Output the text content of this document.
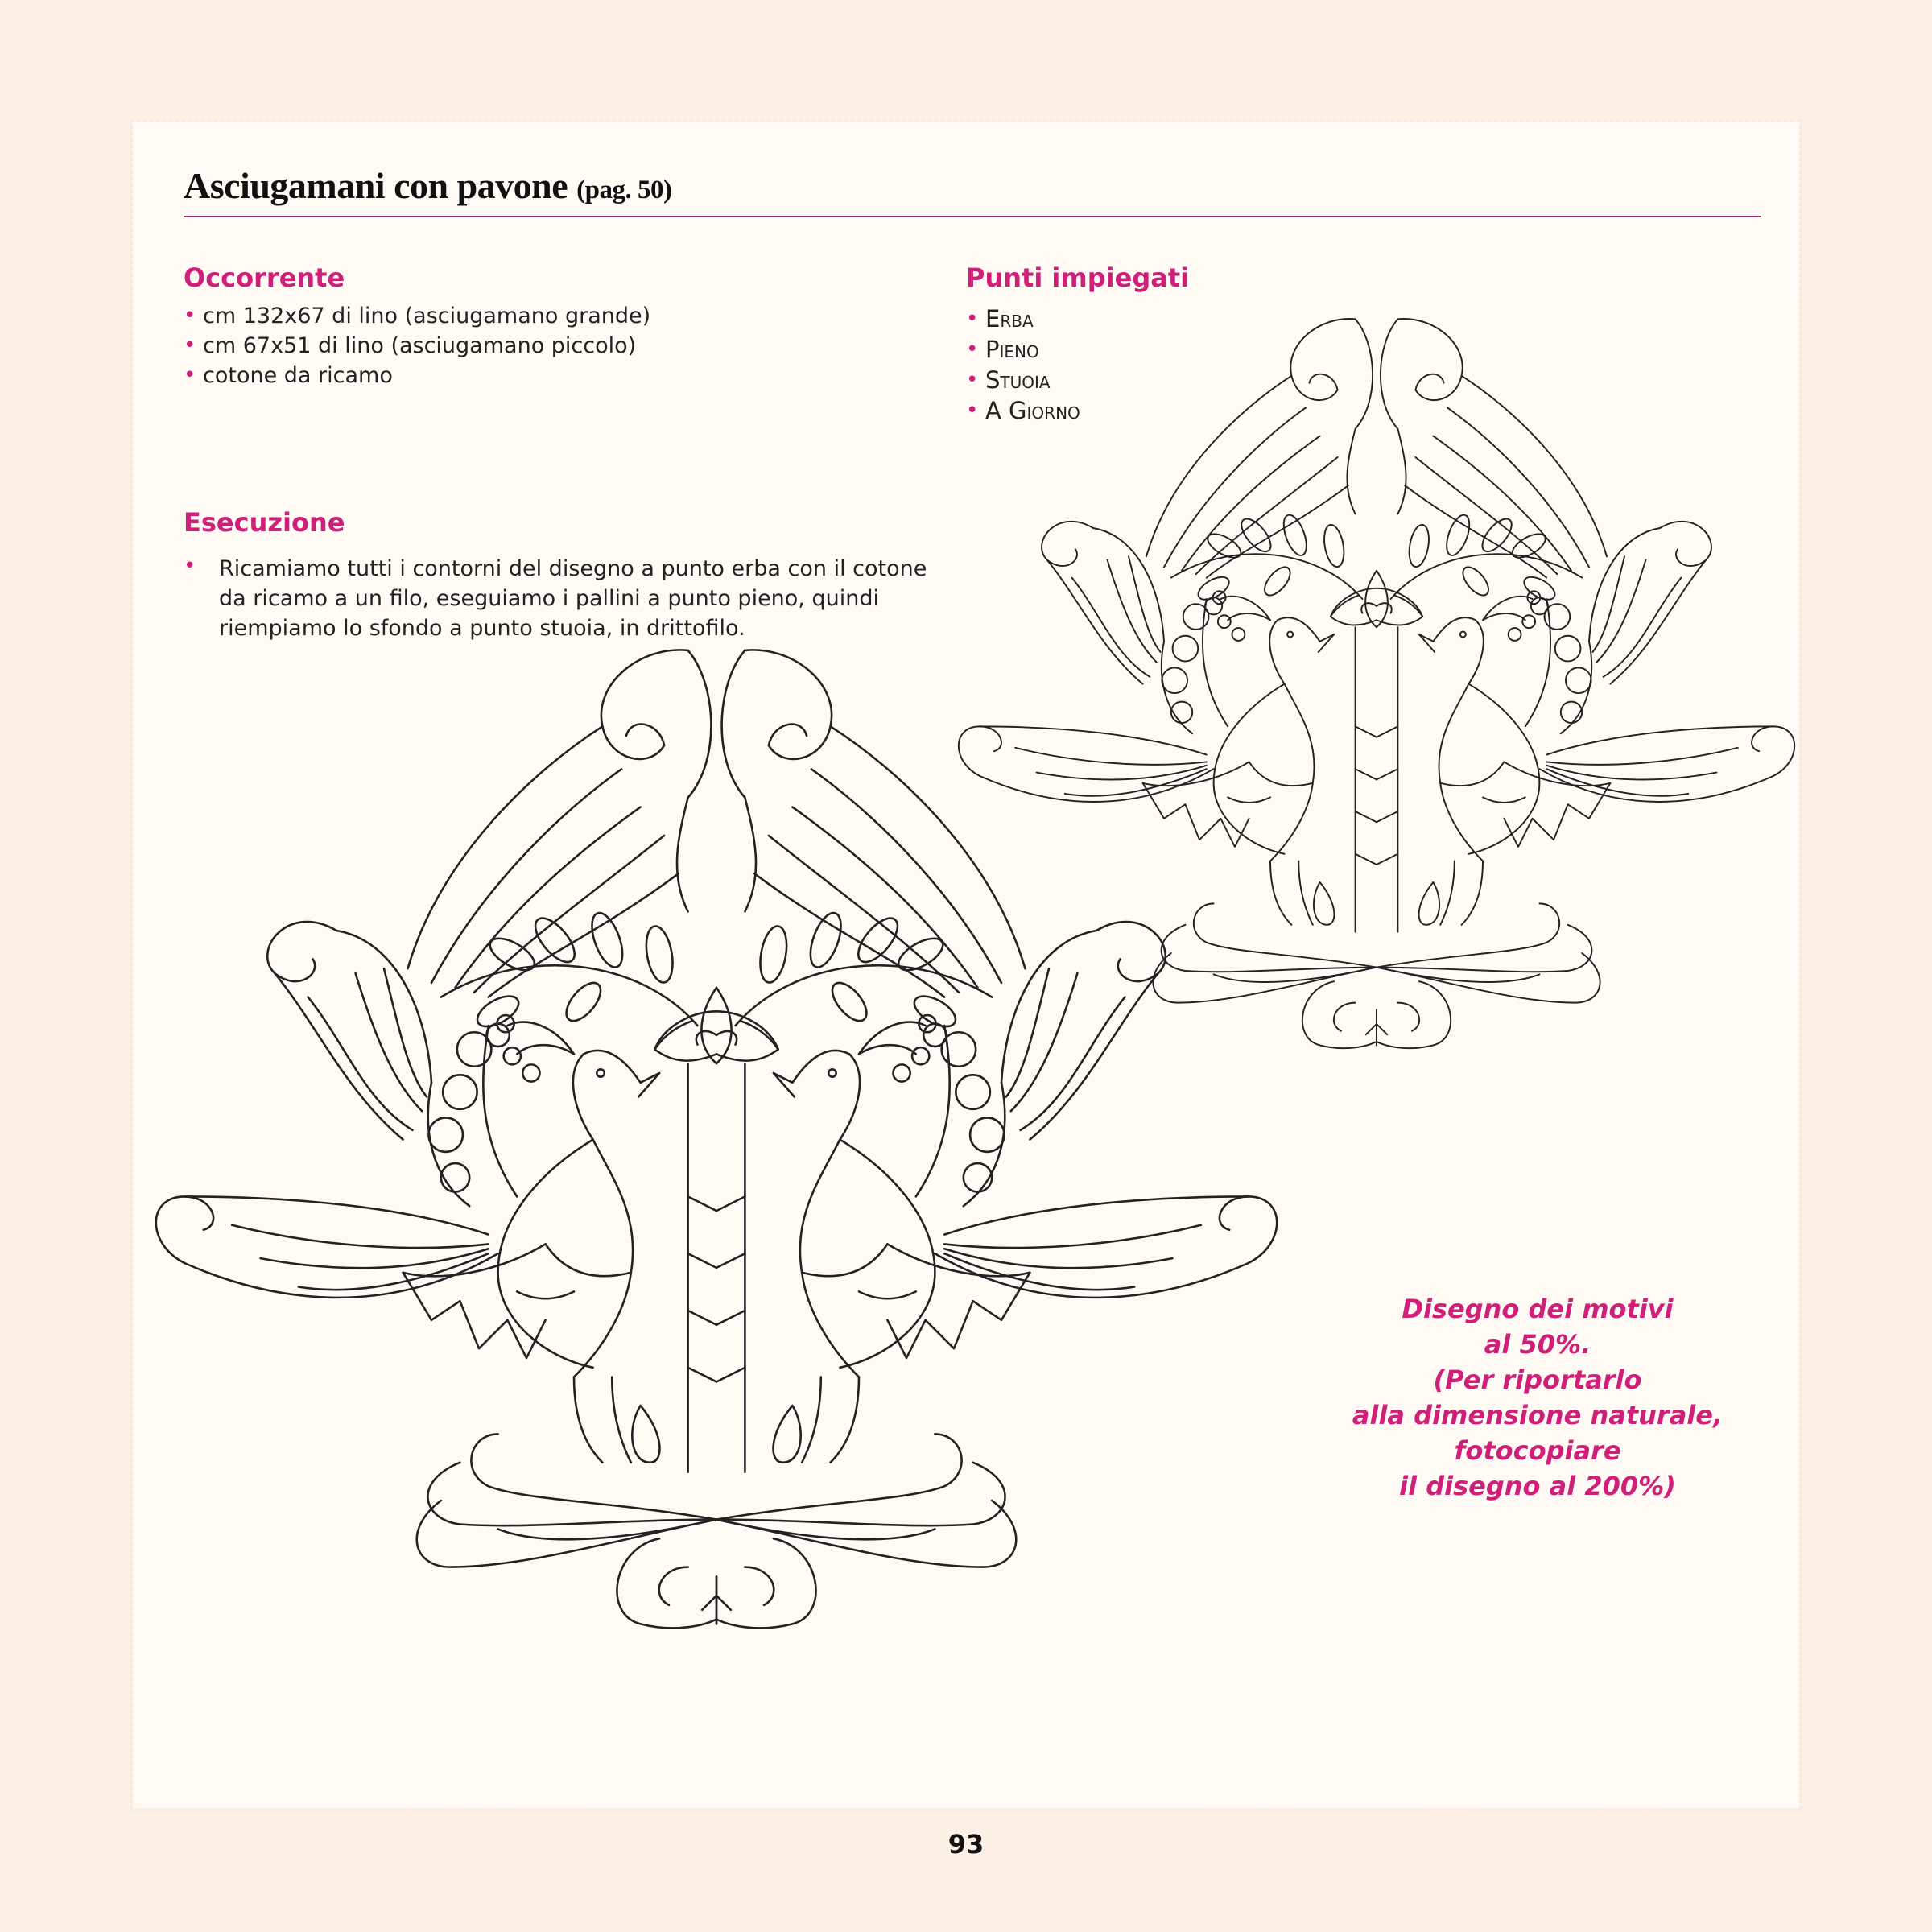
Asciugamani con pavone (pag. 50)
Occorrente
• cm 132x67 di lino (asciugamano grande)
• cm 67x51 di lino (asciugamano piccolo)
• cotone da ricamo
Punti impiegati
• Erba
• Pieno
• Stuoia
• A Giorno
Esecuzione
• Ricamiamo tutti i contorni del disegno a punto erba con il cotone da ricamo a un filo, eseguiamo i pallini a punto pieno, quindi riempiamo lo sfondo a punto stuoia, in drittofilo.
Disegno dei motivi
al 50%.
(Per riportarlo
alla dimensione naturale,
fotocopiare
il disegno al 200%)
93
